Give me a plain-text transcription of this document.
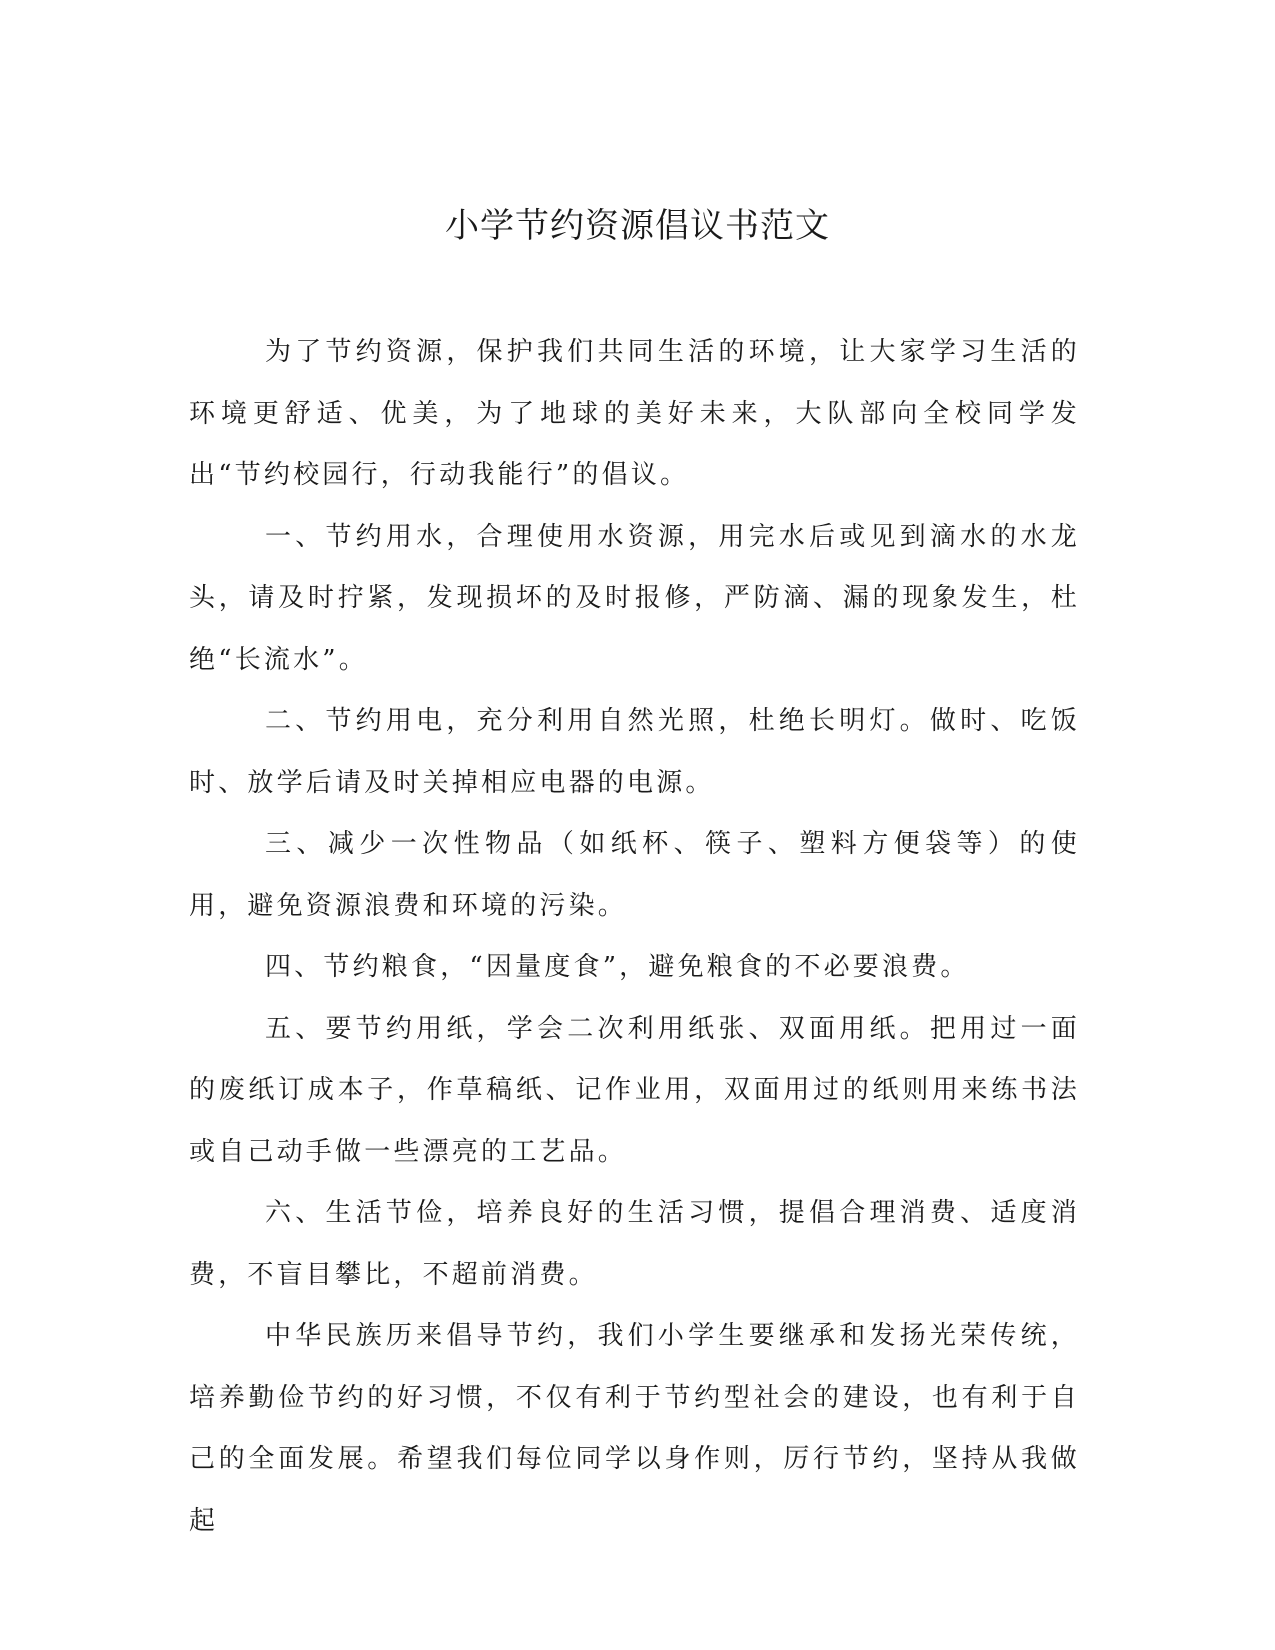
小学节约资源倡议书范文

为了节约资源，保护我们共同生活的环境，让大家学习生活的环境更舒适、优美，为了地球的美好未来，大队部向全校同学发出“节约校园行，行动我能行”的倡议。

一、节约用水，合理使用水资源，用完水后或见到滴水的水龙头，请及时拧紧，发现损坏的及时报修，严防滴、漏的现象发生，杜绝“长流水”。

二、节约用电，充分利用自然光照，杜绝长明灯。做时、吃饭时、放学后请及时关掉相应电器的电源。

三、减少一次性物品（如纸杯、筷子、塑料方便袋等）的使用，避免资源浪费和环境的污染。

四、节约粮食，“因量度食”，避免粮食的不必要浪费。

五、要节约用纸，学会二次利用纸张、双面用纸。把用过一面的废纸订成本子，作草稿纸、记作业用，双面用过的纸则用来练书法或自己动手做一些漂亮的工艺品。

六、生活节俭，培养良好的生活习惯，提倡合理消费、适度消费，不盲目攀比，不超前消费。

中华民族历来倡导节约，我们小学生要继承和发扬光荣传统，培养勤俭节约的好习惯，不仅有利于节约型社会的建设，也有利于自己的全面发展。希望我们每位同学以身作则，厉行节约，坚持从我做起
